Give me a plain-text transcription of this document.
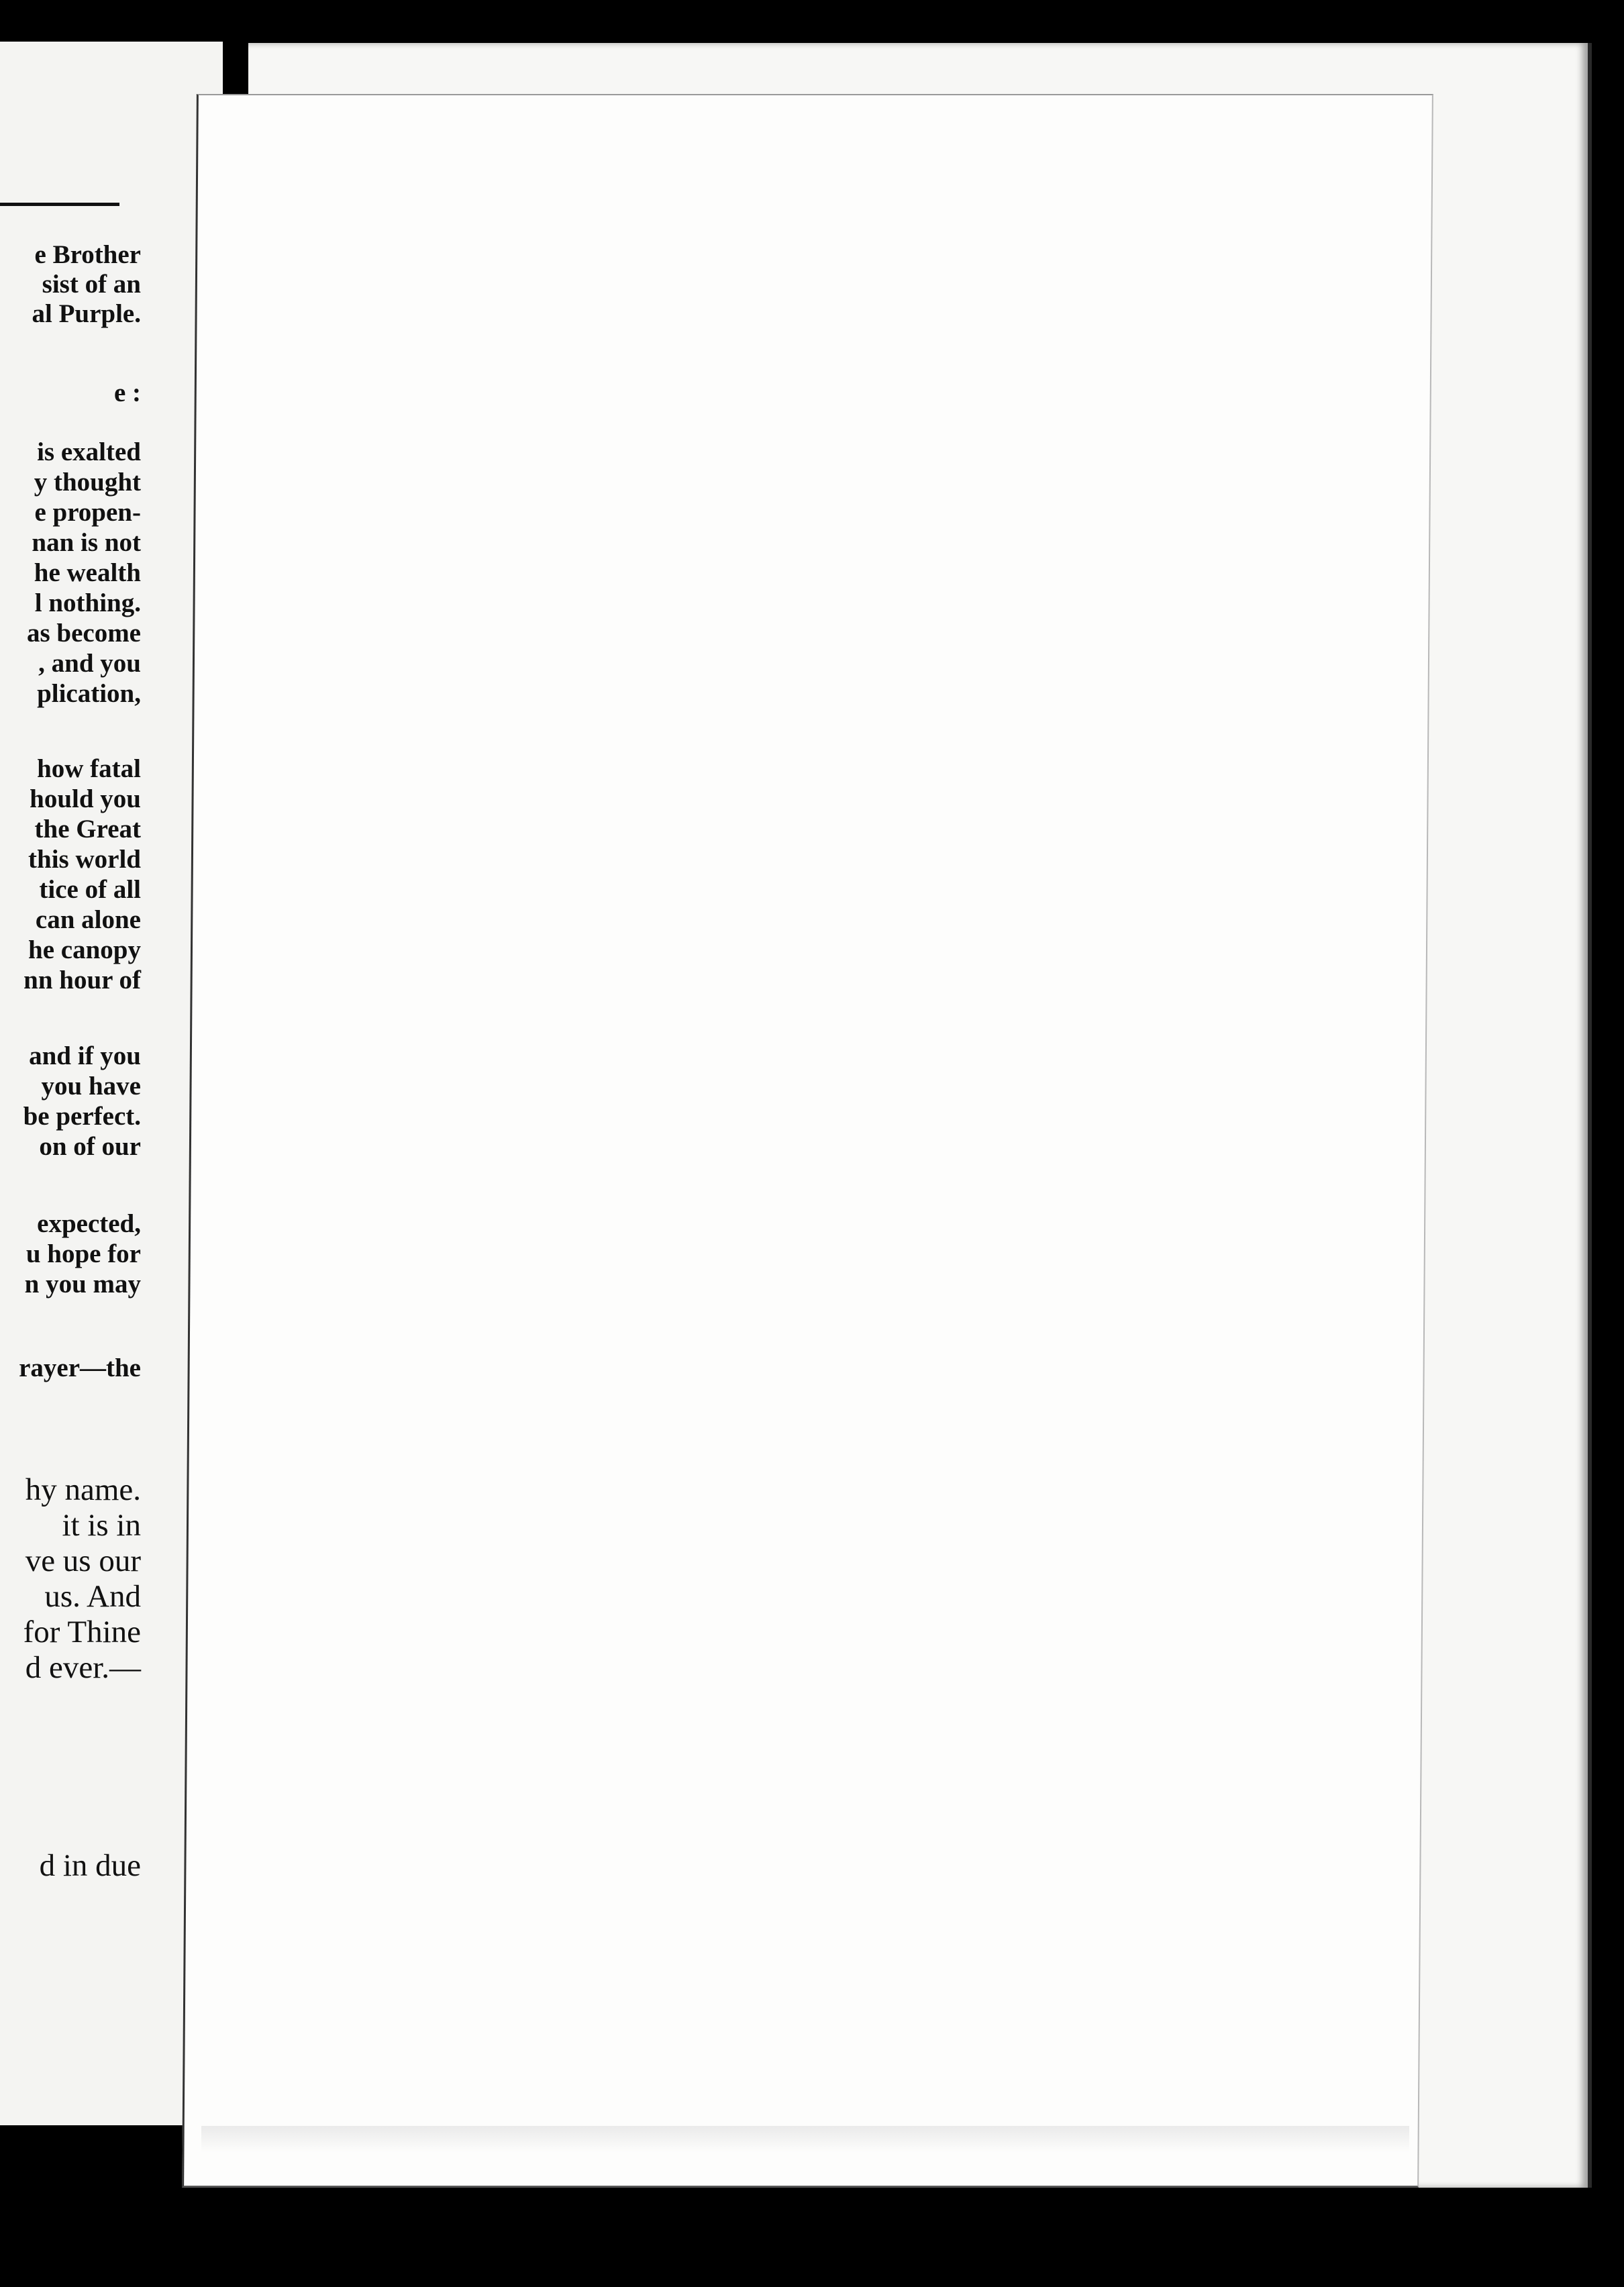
e Brother
sist of an
al Purple.
e :
is exalted
y thought
e propen-
nan is not
he wealth
l nothing.
as become
, and you
plication,
how fatal
hould you
the Great
this world
tice of all
can alone
he canopy
nn hour of
and if you
you have
be perfect.
on of our
expected,
u hope for
n you may
rayer—the
hy name.
it is in
ve us our
us. And
for Thine
d ever.—
d in due
